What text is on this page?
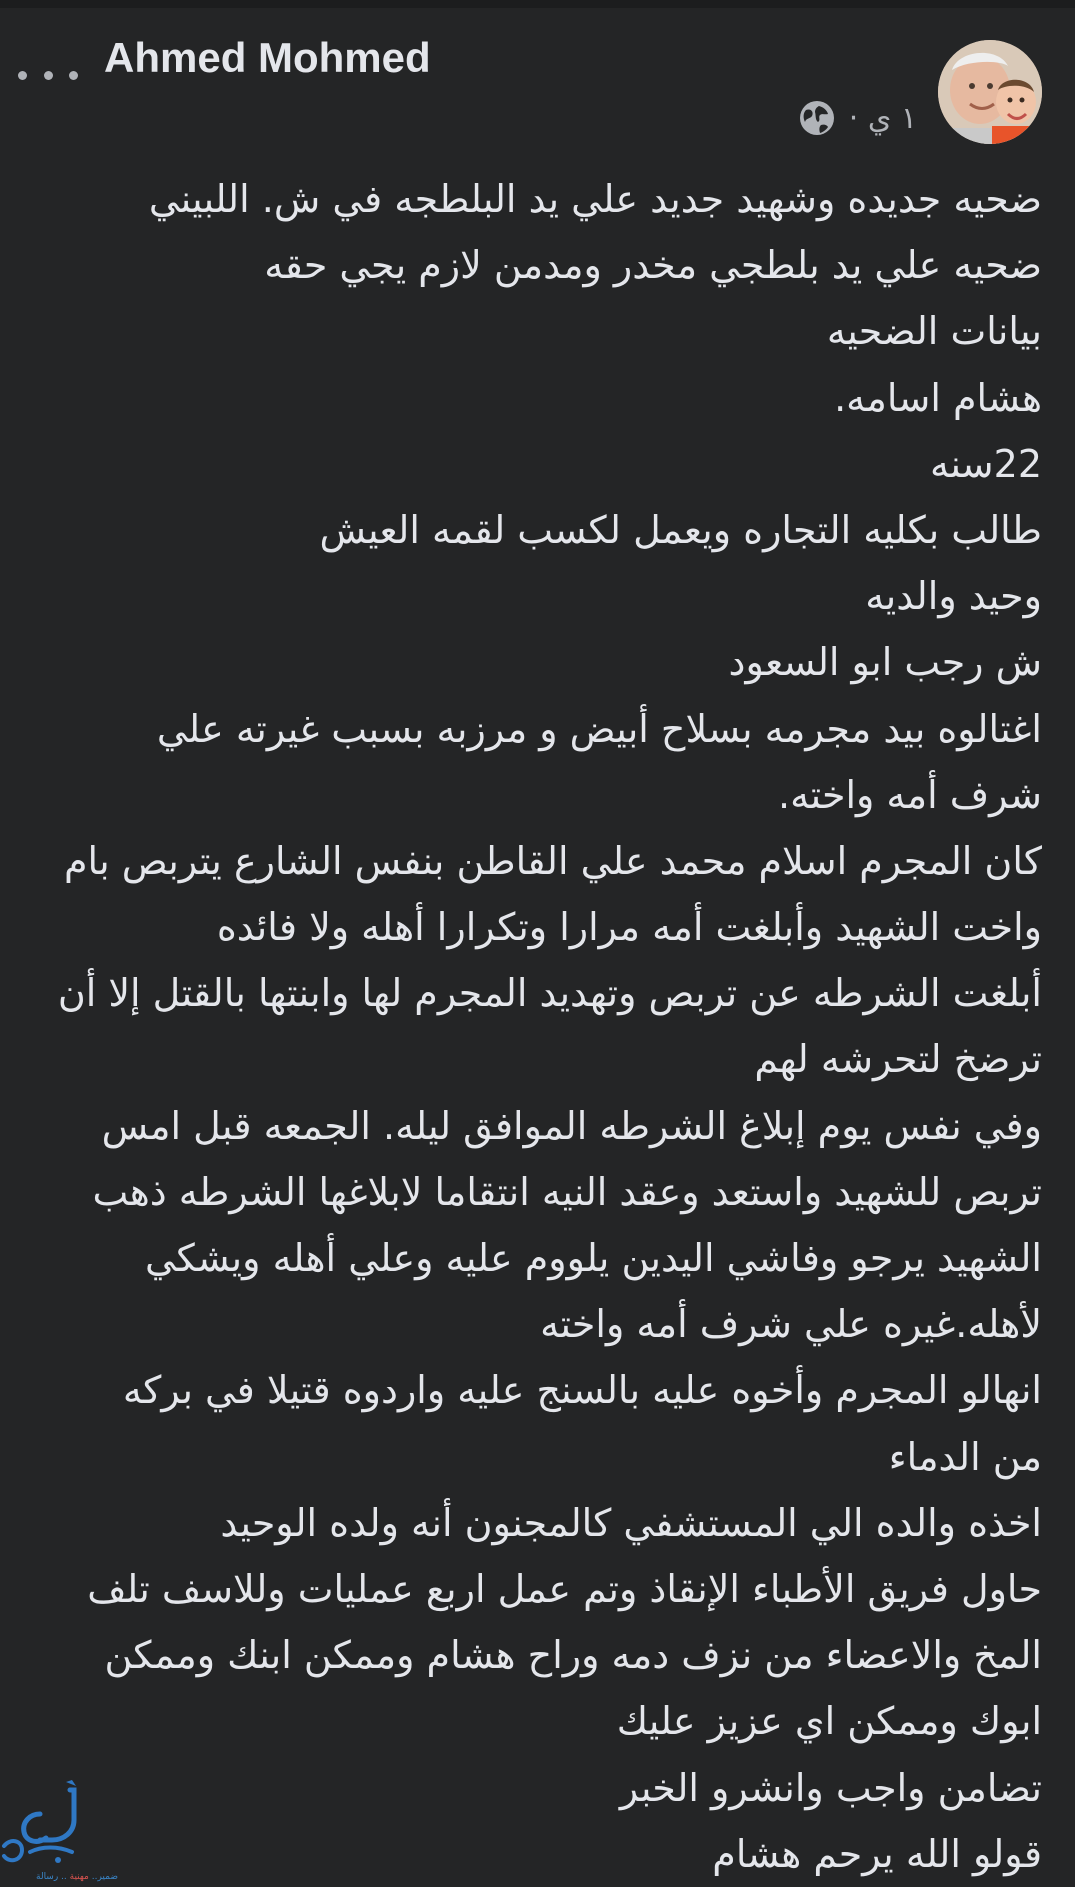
Ahmed Mohmed
١ ي ·
ضحيه جديده وشهيد جديد علي يد البلطجه في ش. اللبيني
ضحيه علي يد بلطجي مخدر ومدمن لازم يجي حقه
بيانات الضحيه
هشام اسامه.
22سنه
طالب بكليه التجاره ويعمل لكسب لقمه العيش
وحيد والديه
ش رجب ابو السعود
اغتالوه بيد مجرمه بسلاح أبيض و مرزبه بسبب غيرته علي
شرف أمه واخته.
كان المجرم اسلام محمد علي القاطن بنفس الشارع يتربص بام
واخت الشهيد وأبلغت أمه مرارا وتكرارا أهله ولا فائده
أبلغت الشرطه عن تربص وتهديد المجرم لها وابنتها بالقتل إلا أن
ترضخ لتحرشه لهم
وفي نفس يوم إبلاغ الشرطه الموافق ليله. الجمعه قبل امس
تربص للشهيد واستعد وعقد النيه انتقاما لابلاغها الشرطه ذهب
الشهيد يرجو وفاشي اليدين يلووم عليه وعلي أهله ويشكي
لأهله.غيره علي شرف أمه واخته
انهالو المجرم وأخوه عليه بالسنج عليه واردوه قتيلا في بركه
من الدماء
اخذه والده الي المستشفي كالمجنون أنه ولده الوحيد
حاول فريق الأطباء الإنقاذ وتم عمل اربع عمليات وللاسف تلف
المخ والاعضاء من نزف دمه وراح هشام وممكن ابنك وممكن
ابوك وممكن اي عزيز عليك
تضامن واجب وانشرو الخبر
قولو الله يرحم هشام
ضمير.. مهنية .. رسالة
